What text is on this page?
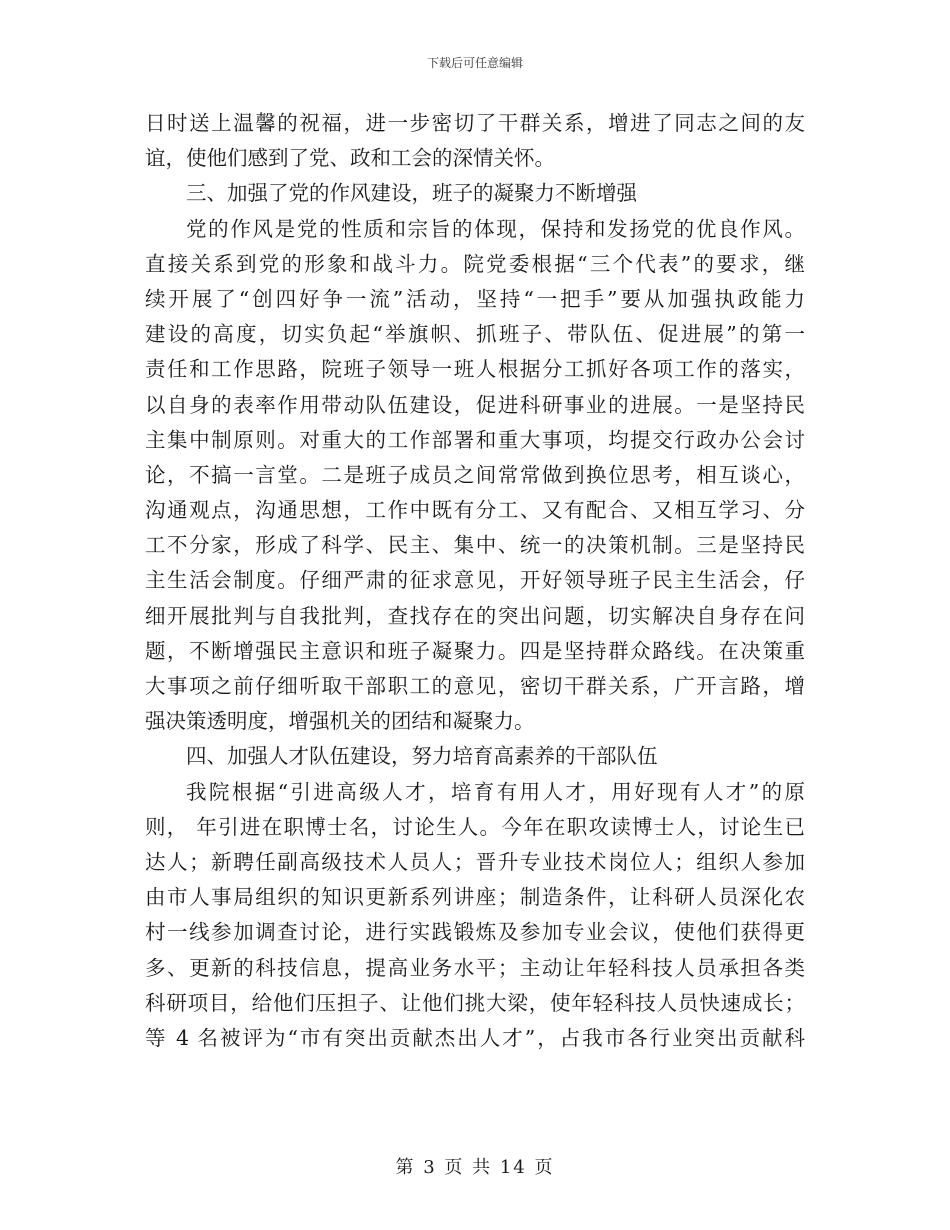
下载后可任意编辑
日时送上温馨的祝福，进一步密切了干群关系，增进了同志之间的友
谊，使他们感到了党、政和工会的深情关怀。
三、加强了党的作风建设，班子的凝聚力不断增强
党的作风是党的性质和宗旨的体现，保持和发扬党的优良作风。
直接关系到党的形象和战斗力。院党委根据“三个代表”的要求，继
续开展了“创四好争一流”活动，坚持“一把手”要从加强执政能力
建设的高度，切实负起“举旗帜、抓班子、带队伍、促进展”的第一
责任和工作思路，院班子领导一班人根据分工抓好各项工作的落实，
以自身的表率作用带动队伍建设，促进科研事业的进展。一是坚持民
主集中制原则。对重大的工作部署和重大事项，均提交行政办公会讨
论，不搞一言堂。二是班子成员之间常常做到换位思考，相互谈心，
沟通观点，沟通思想，工作中既有分工、又有配合、又相互学习、分
工不分家，形成了科学、民主、集中、统一的决策机制。三是坚持民
主生活会制度。仔细严肃的征求意见，开好领导班子民主生活会，仔
细开展批判与自我批判，查找存在的突出问题，切实解决自身存在问
题，不断增强民主意识和班子凝聚力。四是坚持群众路线。在决策重
大事项之前仔细听取干部职工的意见，密切干群关系，广开言路，增
强决策透明度，增强机关的团结和凝聚力。
四、加强人才队伍建设，努力培育高素养的干部队伍
我院根据“引进高级人才，培育有用人才，用好现有人才”的原
则， 年引进在职博士名，讨论生人。今年在职攻读博士人，讨论生已
达人；新聘任副高级技术人员人；晋升专业技术岗位人；组织人参加
由市人事局组织的知识更新系列讲座；制造条件，让科研人员深化农
村一线参加调查讨论，进行实践锻炼及参加专业会议，使他们获得更
多、更新的科技信息，提高业务水平；主动让年轻科技人员承担各类
科研项目，给他们压担子、让他们挑大梁，使年轻科技人员快速成长；
等 4 名被评为“市有突出贡献杰出人才”，占我市各行业突出贡献科
第 3 页 共 14 页
